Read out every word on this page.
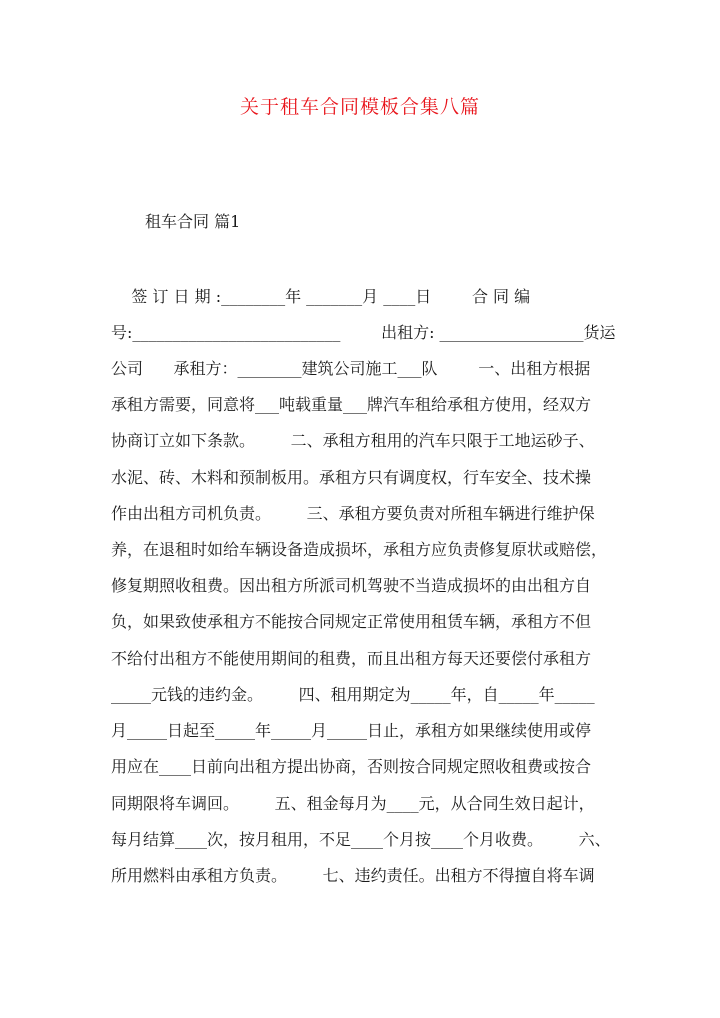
关于租车合同模板合集八篇

租车合同 篇1

签 订 日 期 :________年 _______月 ____日        合 同 编

号:__________________________        出租方: __________________货运

公司      承租方：________建筑公司施工___队        一、出租方根据

承租方需要，同意将___吨载重量___牌汽车租给承租方使用，经双方

协商订立如下条款。       二、承租方租用的汽车只限于工地运砂子、

水泥、砖、木料和预制板用。承租方只有调度权，行车安全、技术操

作由出租方司机负责。       三、承租方要负责对所租车辆进行维护保

养，在退租时如给车辆设备造成损坏，承租方应负责修复原状或赔偿，

修复期照收租费。因出租方所派司机驾驶不当造成损坏的由出租方自

负，如果致使承租方不能按合同规定正常使用租赁车辆，承租方不但

不给付出租方不能使用期间的租费，而且出租方每天还要偿付承租方

_____元钱的违约金。       四、租用期定为_____年，自_____年_____

月_____日起至_____年_____月_____日止，承租方如果继续使用或停

用应在____日前向出租方提出协商，否则按合同规定照收租费或按合

同期限将车调回。       五、租金每月为____元，从合同生效日起计，

每月结算____次，按月租用，不足____个月按____个月收费。       六、

所用燃料由承租方负责。       七、违约责任。出租方不得擅自将车调
